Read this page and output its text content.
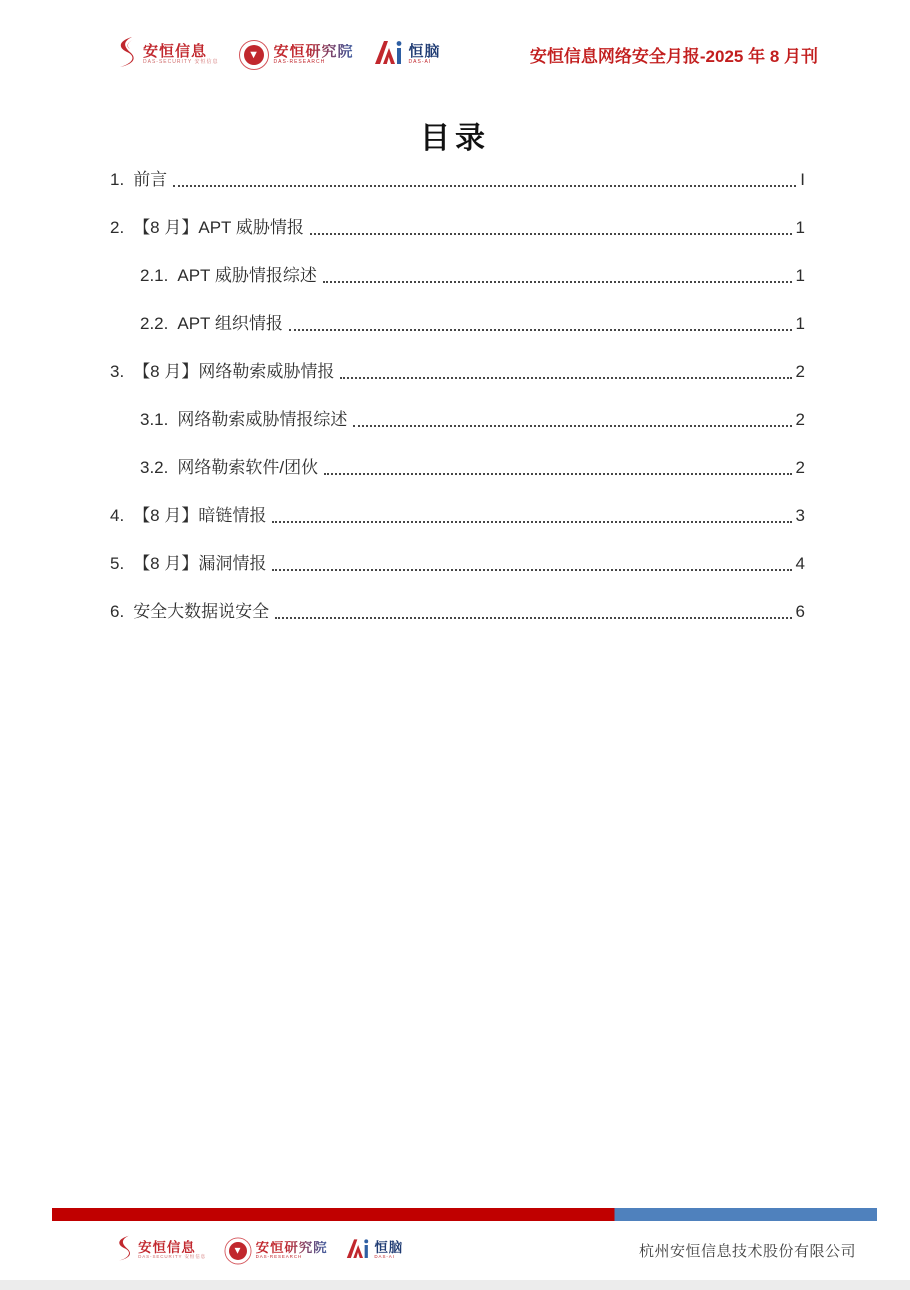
安恒信息
DAS-SECURITY 安恒信息
▼ 安恒研究院
DAS-RESEARCH
恒脑
DAS-AI	安恒信息网络安全月报-2025 年 8 月刊
目录
1. 前言	I
2. 【8 月】APT 威胁情报	1
2.1. APT 威胁情报综述	1
2.2. APT 组织情报	1
3. 【8 月】网络勒索威胁情报	2
3.1. 网络勒索威胁情报综述	2
3.2. 网络勒索软件/团伙	2
4. 【8 月】暗链情报	3
5. 【8 月】漏洞情报	4
6. 安全大数据说安全	6
安恒信息
DAS-SECURITY 安恒信息
▼ 安恒研究院
DAS-RESEARCH
恒脑
DAS-AI	杭州安恒信息技术股份有限公司
